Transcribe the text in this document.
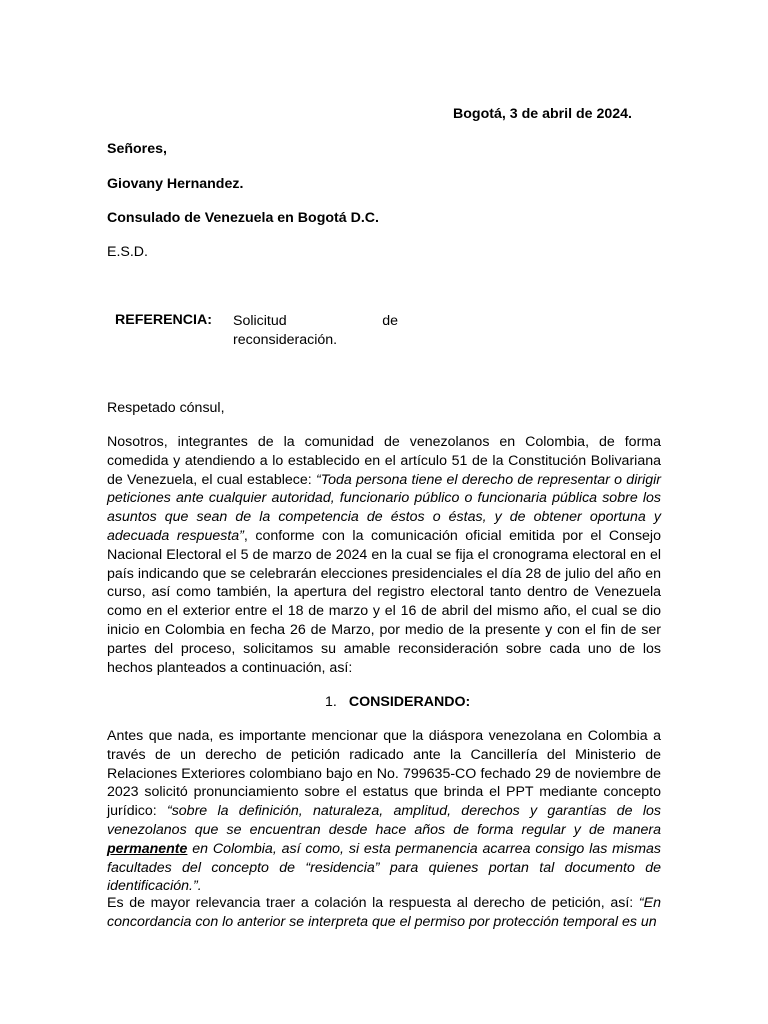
Bogotá, 3 de abril de 2024.
Señores,
Giovany Hernandez.
Consulado de Venezuela en Bogotá D.C.
E.S.D.
REFERENCIA: Solicitud de
reconsideración.
Respetado cónsul,
Nosotros, integrantes de la comunidad de venezolanos en Colombia, de forma comedida y atendiendo a lo establecido en el artículo 51 de la Constitución Bolivariana de Venezuela, el cual establece: “Toda persona tiene el derecho de representar o dirigir peticiones ante cualquier autoridad, funcionario público o funcionaria pública sobre los asuntos que sean de la competencia de éstos o éstas, y de obtener oportuna y adecuada respuesta”, conforme con la comunicación oficial emitida por el Consejo Nacional Electoral el 5 de marzo de 2024 en la cual se fija el cronograma electoral en el país indicando que se celebrarán elecciones presidenciales el día 28 de julio del año en curso, así como también, la apertura del registro electoral tanto dentro de Venezuela como en el exterior entre el 18 de marzo y el 16 de abril del mismo año, el cual se dio inicio en Colombia en fecha 26 de Marzo, por medio de la presente y con el fin de ser partes del proceso, solicitamos su amable reconsideración sobre cada uno de los hechos planteados a continuación, así:
1. CONSIDERANDO:
Antes que nada, es importante mencionar que la diáspora venezolana en Colombia a través de un derecho de petición radicado ante la Cancillería del Ministerio de Relaciones Exteriores colombiano bajo en No. 799635-CO fechado 29 de noviembre de 2023 solicitó pronunciamiento sobre el estatus que brinda el PPT mediante concepto jurídico: “sobre la definición, naturaleza, amplitud, derechos y garantías de los venezolanos que se encuentran desde hace años de forma regular y de manera permanente en Colombia, así como, si esta permanencia acarrea consigo las mismas facultades del concepto de “residencia” para quienes portan tal documento de identificación.”.
Es de mayor relevancia traer a colación la respuesta al derecho de petición, así: “En concordancia con lo anterior se interpreta que el permiso por protección temporal es un
